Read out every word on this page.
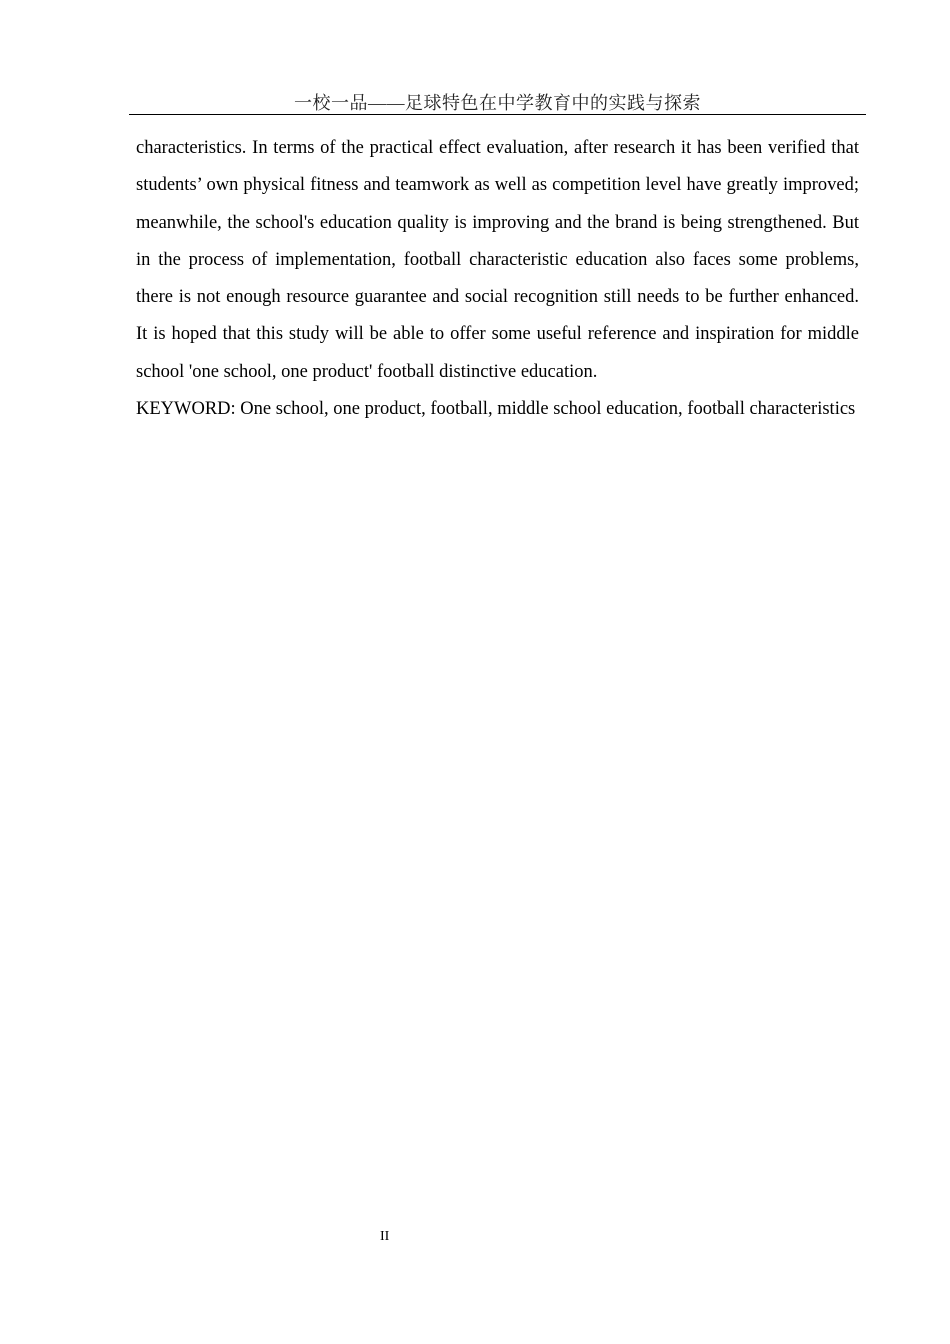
一校一品——足球特色在中学教育中的实践与探索

characteristics. In terms of the practical effect evaluation, after research it has been verified that students’ own physical fitness and teamwork as well as competition level have greatly improved; meanwhile, the school's education quality is improving and the brand is being strengthened. But in the process of implementation, football characteristic education also faces some problems, there is not enough resource guarantee and social recognition still needs to be further enhanced. It is hoped that this study will be able to offer some useful reference and inspiration for middle school 'one school, one product' football distinctive education.

KEYWORD: One school, one product, football, middle school education, football characteristics

II
